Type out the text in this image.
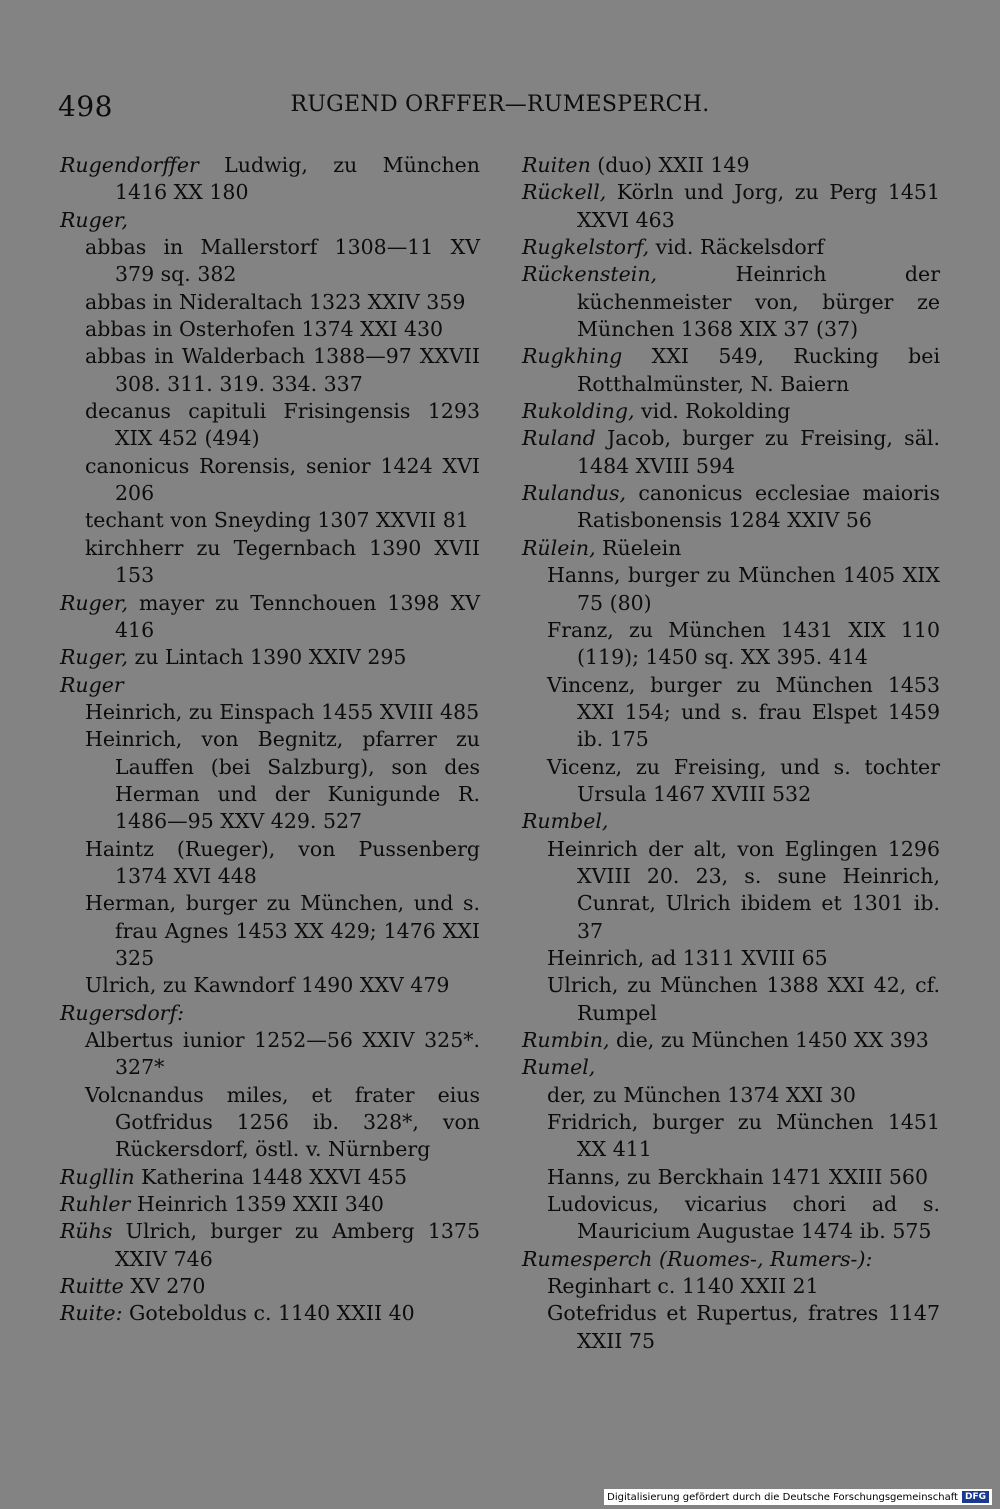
498	RUGEND ORFFER—RUMESPERCH.

Rugendorffer Ludwig, zu München 1416 XX 180

Ruger,

abbas in Mallerstorf 1308—11 XV 379 sq. 382

abbas in Nideraltach 1323 XXIV 359

abbas in Osterhofen 1374 XXI 430

abbas in Walderbach 1388—97 XXVII 308. 311. 319. 334. 337

decanus capituli Frisingensis 1293 XIX 452 (494)

canonicus Rorensis, senior 1424 XVI 206

techant von Sneyding 1307 XXVII 81

kirchherr zu Tegernbach 1390 XVII 153

Ruger, mayer zu Tennchouen 1398 XV 416

Ruger, zu Lintach 1390 XXIV 295

Ruger

Heinrich, zu Einspach 1455 XVIII 485

Heinrich, von Begnitz, pfarrer zu Lauffen (bei Salzburg), son des Herman und der Kunigunde R. 1486—95 XXV 429. 527

Haintz (Rueger), von Pussenberg 1374 XVI 448

Herman, burger zu München, und s. frau Agnes 1453 XX 429; 1476 XXI 325

Ulrich, zu Kawndorf 1490 XXV 479

Rugersdorf:

Albertus iunior 1252—56 XXIV 325*. 327*

Volcnandus miles, et frater eius Gotfridus 1256 ib. 328*, von Rückersdorf, östl. v. Nürnberg

Rugllin Katherina 1448 XXVI 455

Ruhler Heinrich 1359 XXII 340

Rühs Ulrich, burger zu Amberg 1375 XXIV 746

Ruitte XV 270

Ruite: Goteboldus c. 1140 XXII 40

Ruiten (duo) XXII 149

Rückell, Körln und Jorg, zu Perg 1451 XXVI 463

Rugkelstorf, vid. Räckelsdorf

Rückenstein, Heinrich der küchenmeister von, bürger ze München 1368 XIX 37 (37)

Rugkhing XXI 549, Rucking bei Rotthalmünster, N. Baiern

Rukolding, vid. Rokolding

Ruland Jacob, burger zu Freising, säl. 1484 XVIII 594

Rulandus, canonicus ecclesiae maioris Ratisbonensis 1284 XXIV 56

Rülein, Rüelein

Hanns, burger zu München 1405 XIX 75 (80)

Franz, zu München 1431 XIX 110 (119); 1450 sq. XX 395. 414

Vincenz, burger zu München 1453 XXI 154; und s. frau Elspet 1459 ib. 175

Vicenz, zu Freising, und s. tochter Ursula 1467 XVIII 532

Rumbel,

Heinrich der alt, von Eglingen 1296 XVIII 20. 23, s. sune Heinrich, Cunrat, Ulrich ibidem et 1301 ib. 37

Heinrich, ad 1311 XVIII 65

Ulrich, zu München 1388 XXI 42, cf. Rumpel

Rumbin, die, zu München 1450 XX 393

Rumel,

der, zu München 1374 XXI 30

Fridrich, burger zu München 1451 XX 411

Hanns, zu Berckhain 1471 XXIII 560

Ludovicus, vicarius chori ad s. Mauricium Augustae 1474 ib. 575

Rumesperch (Ruomes-, Rumers-):

Reginhart c. 1140 XXII 21

Gotefridus et Rupertus, fratres 1147 XXII 75

Digitalisierung gefördert durch die Deutsche Forschungsgemeinschaft DFG
